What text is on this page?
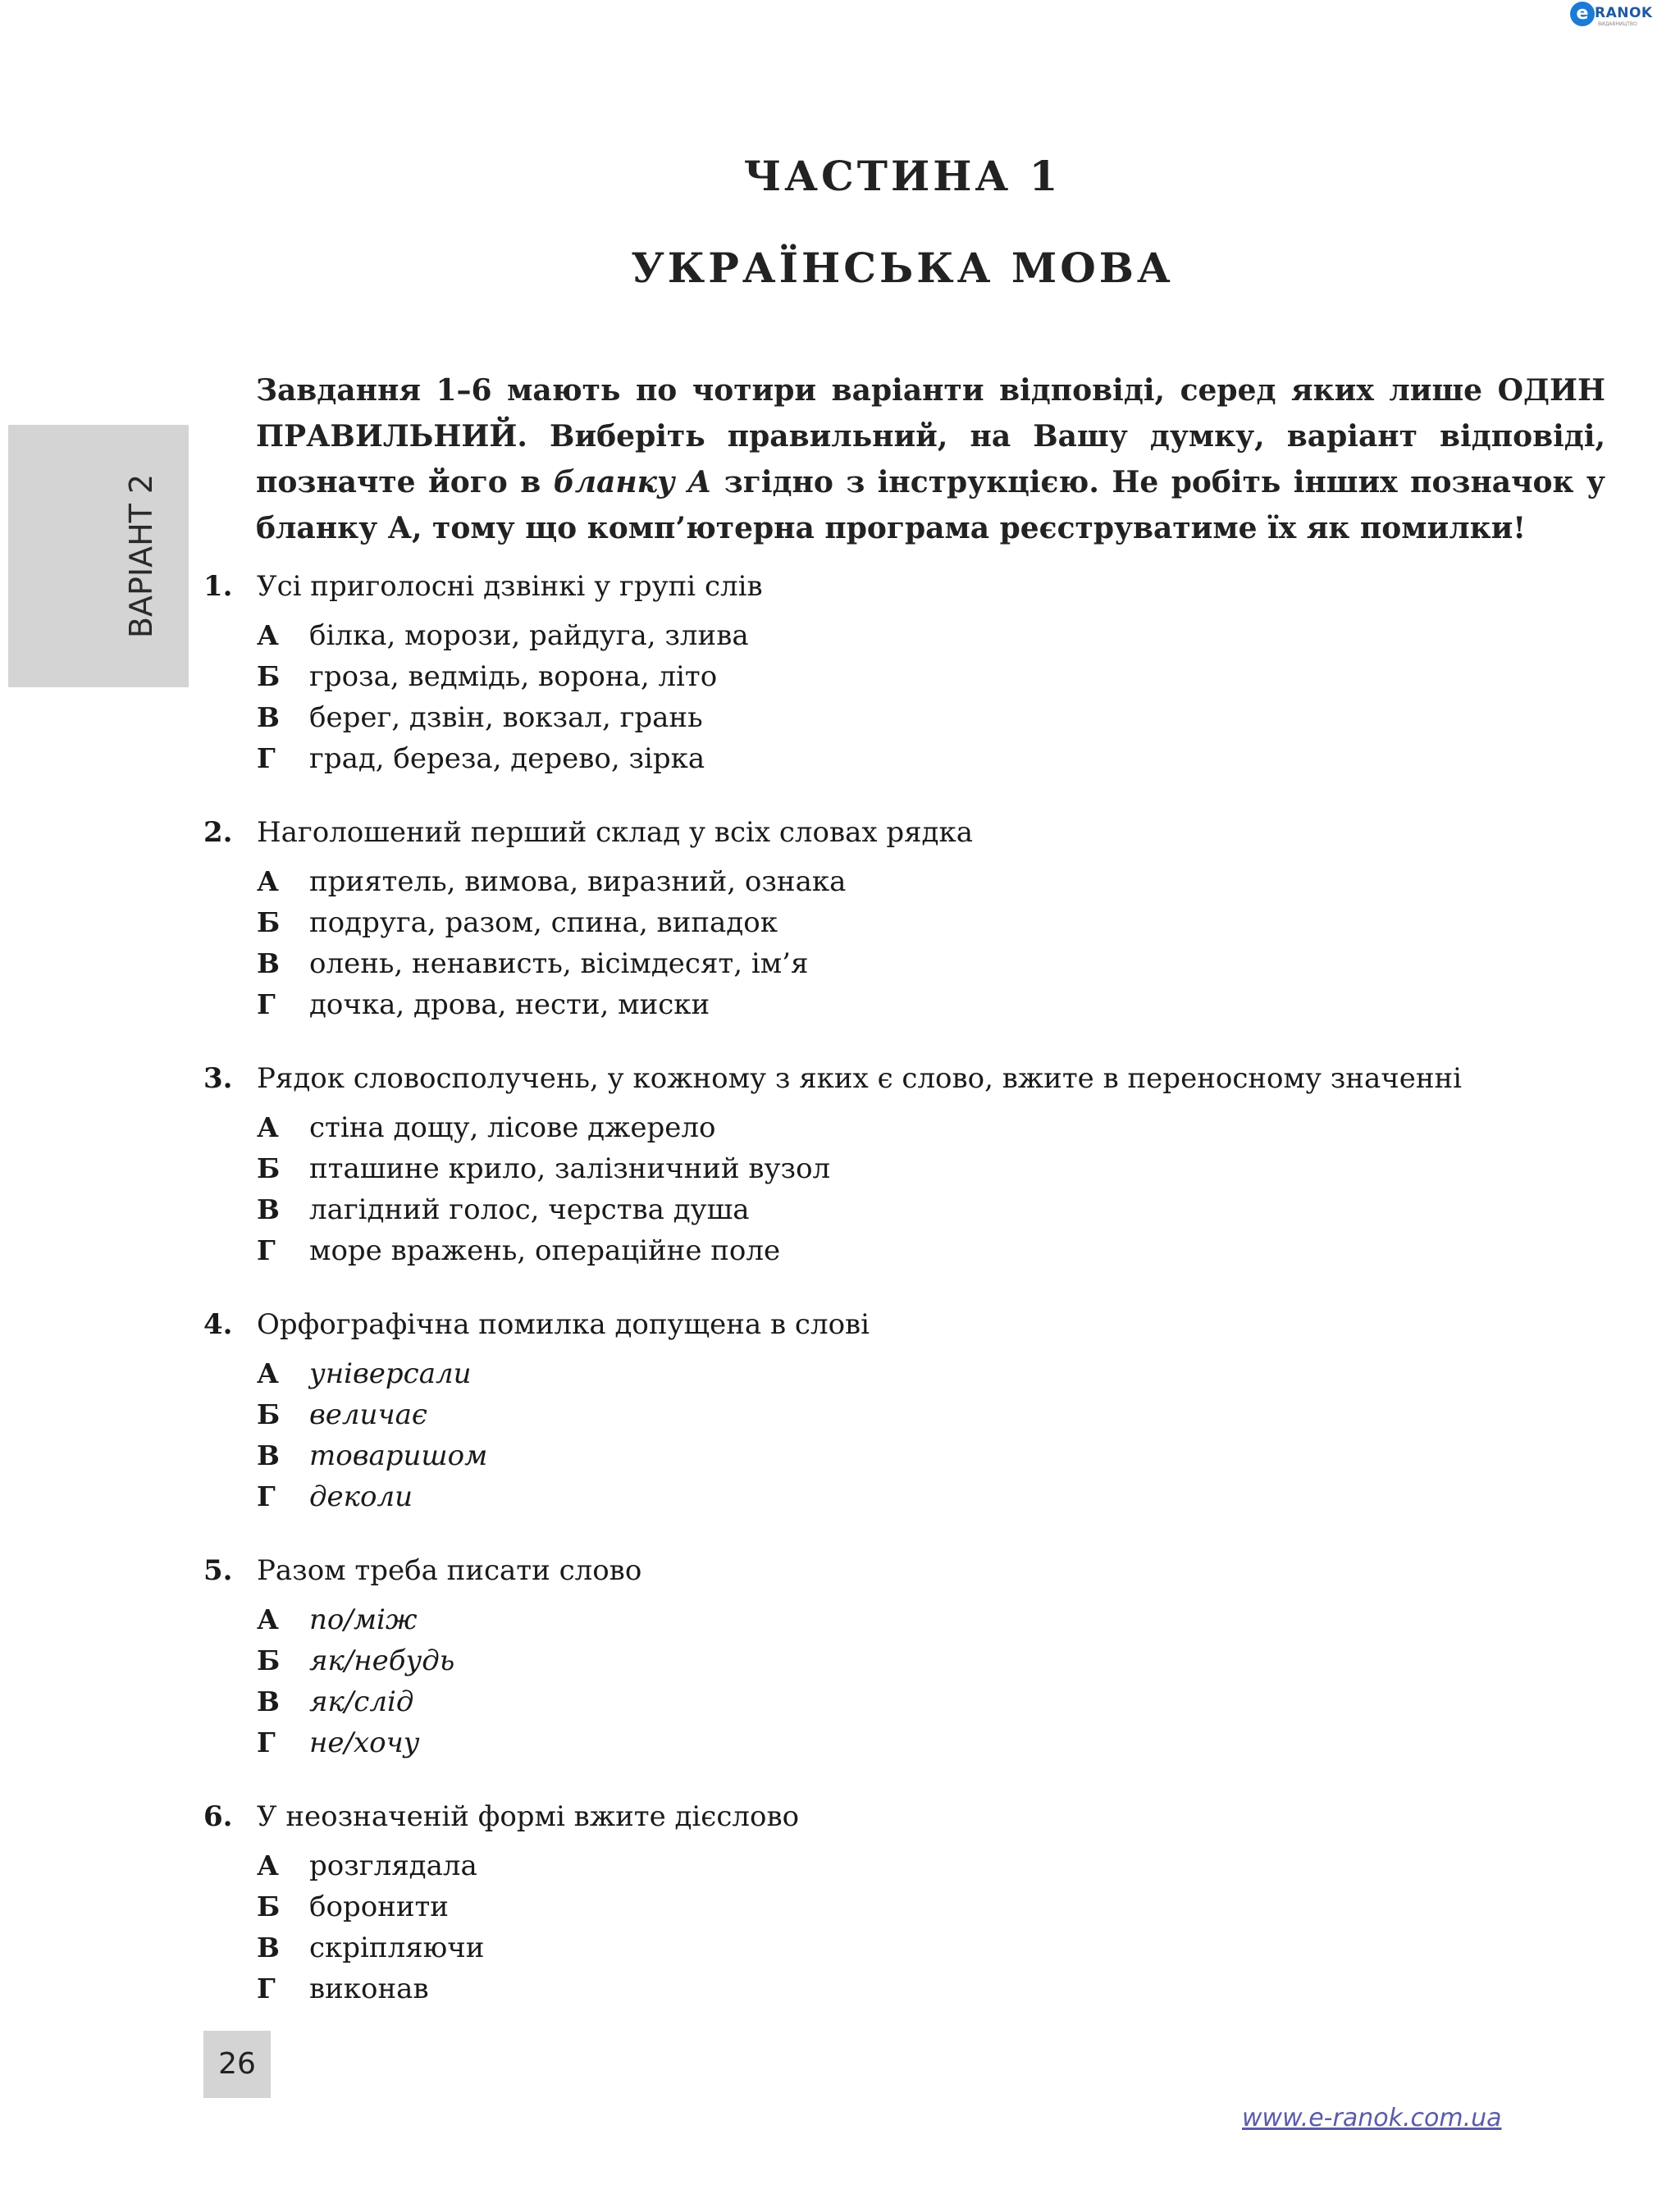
e RANOK
ВИДАВНИЦТВО
ЧАСТИНА 1
УКРАЇНСЬКА МОВА
ВАРІАНТ 2
Завдання 1–6 мають по чотири варіанти відповіді, серед яких лише ОДИН ПРАВИЛЬНИЙ. Виберіть правильний, на Вашу думку, варіант відповіді, позначте його в бланку А згідно з інструкцією. Не робіть інших позначок у бланку А, тому що комп’ютерна програма реєструватиме їх як помилки!
1. Усі приголосні дзвінкі у групі слів
А білка, морози, райдуга, злива
Б гроза, ведмідь, ворона, літо
В берег, дзвін, вокзал, грань
Г град, береза, дерево, зірка
2. Наголошений перший склад у всіх словах рядка
А приятель, вимова, виразний, ознака
Б подруга, разом, спина, випадок
В олень, ненависть, вісімдесят, ім’я
Г дочка, дрова, нести, миски
3. Рядок словосполучень, у кожному з яких є слово, вжите в переносному значенні
А стіна дощу, лісове джерело
Б пташине крило, залізничний вузол
В лагідний голос, черства душа
Г море вражень, операційне поле
4. Орфографічна помилка допущена в слові
А універсали
Б величає
В товаришом
Г деколи
5. Разом треба писати слово
А по/між
Б як/небудь
В як/слід
Г не/хочу
6. У неозначеній формі вжите дієслово
А розглядала
Б боронити
В скріпляючи
Г виконав
26
www.e-ranok.com.ua
